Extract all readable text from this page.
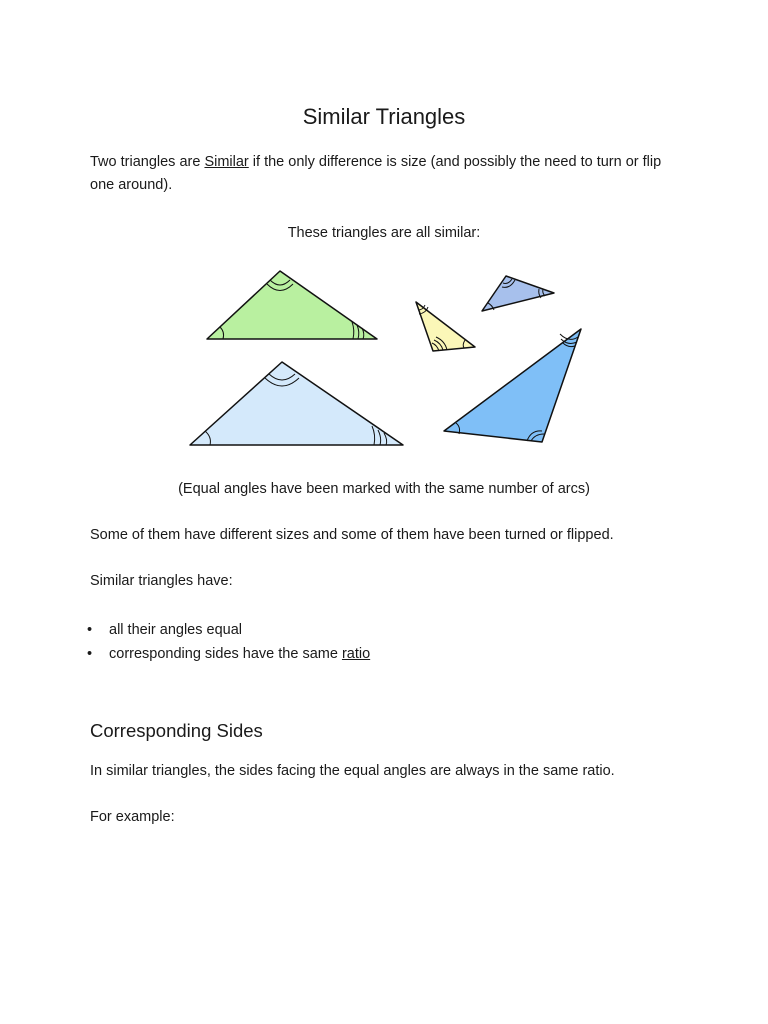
Similar Triangles

Two triangles are Similar if the only difference is size (and possibly the need to turn or flip one around).

These triangles are all similar:

(Equal angles have been marked with the same number of arcs)

Some of them have different sizes and some of them have been turned or flipped.

Similar triangles have:

• all their angles equal
• corresponding sides have the same ratio
Corresponding Sides

In similar triangles, the sides facing the equal angles are always in the same ratio.

For example:
